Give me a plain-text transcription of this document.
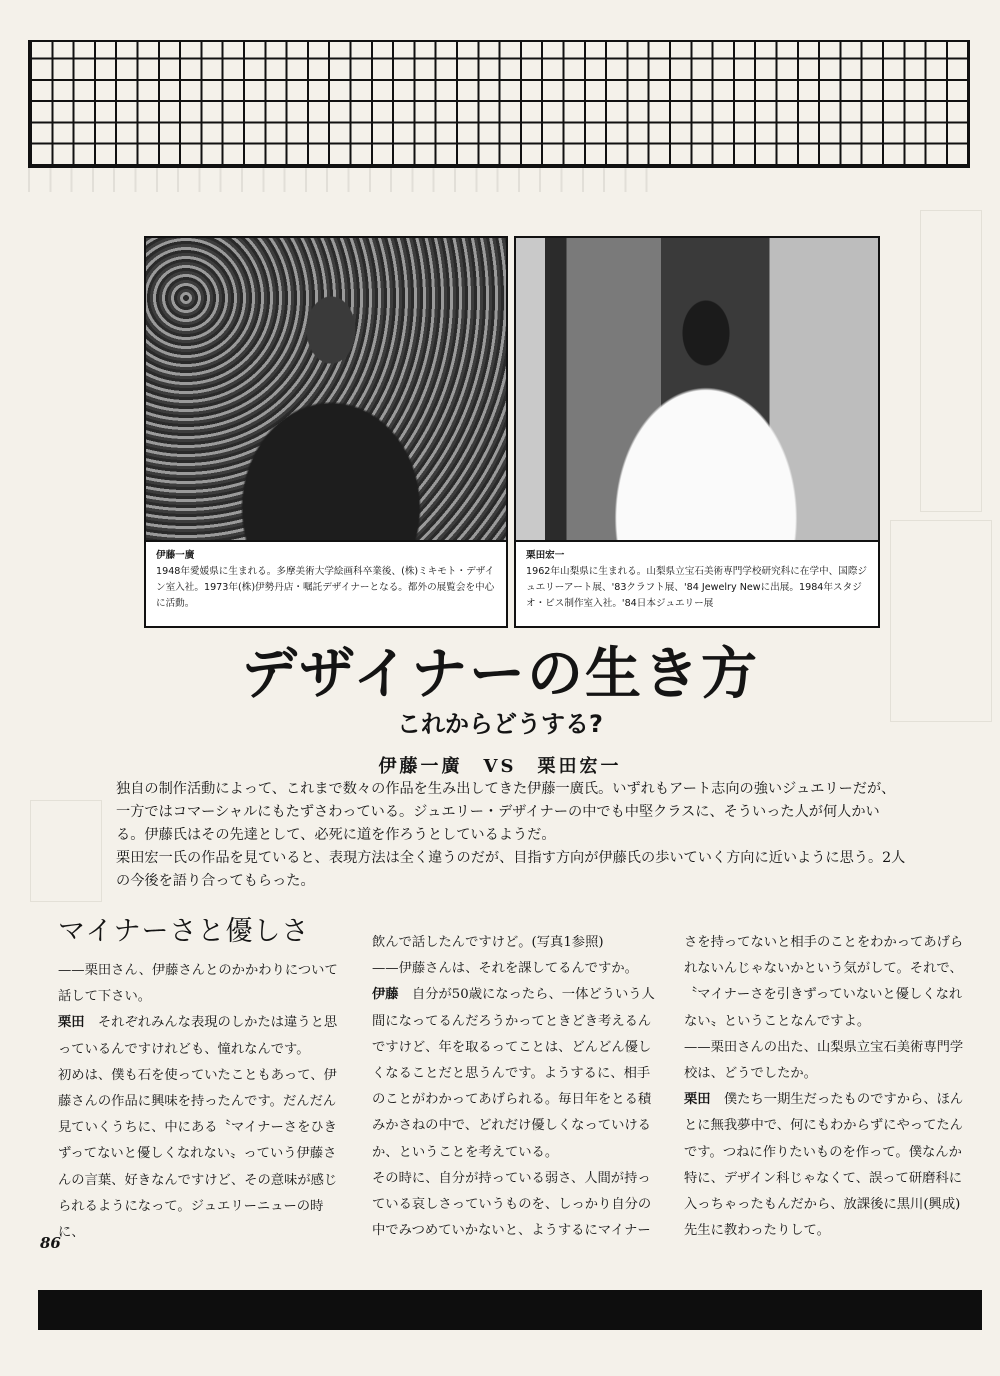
伊藤一廣
1948年愛媛県に生まれる。多摩美術大学絵画科卒業後、(株)ミキモト・デザイン室入社。1973年(株)伊勢丹店・嘱託デザイナーとなる。都外の展覧会を中心に活動。
栗田宏一
1962年山梨県に生まれる。山梨県立宝石美術専門学校研究科に在学中、国際ジュエリーアート展、'83クラフト展、'84 Jewelry Newに出展。1984年スタジオ・ビス制作室入社。'84日本ジュエリー展
デザイナーの生き方
これからどうする?
伊藤一廣　VS　栗田宏一

独自の制作活動によって、これまで数々の作品を生み出してきた伊藤一廣氏。いずれもアート志向の強いジュエリーだが、一方ではコマーシャルにもたずさわっている。ジュエリー・デザイナーの中でも中堅クラスに、そういった人が何人かいる。伊藤氏はその先達として、必死に道を作ろうとしているようだ。

栗田宏一氏の作品を見ていると、表現方法は全く違うのだが、目指す方向が伊藤氏の歩いていく方向に近いように思う。2人の今後を語り合ってもらった。

マイナーさと優しさ

——栗田さん、伊藤さんとのかかわりについて話して下さい。

栗田　それぞれみんな表現のしかたは違うと思っているんですけれども、憧れなんです。

初めは、僕も石を使っていたこともあって、伊藤さんの作品に興味を持ったんです。だんだん見ていくうちに、中にある〝マイナーさをひきずってないと優しくなれない〟っていう伊藤さんの言葉、好きなんですけど、その意味が感じられるようになって。ジュエリーニューの時に、

飲んで話したんですけど。(写真1参照)

——伊藤さんは、それを課してるんですか。

伊藤　自分が50歳になったら、一体どういう人間になってるんだろうかってときどき考えるんですけど、年を取るってことは、どんどん優しくなることだと思うんです。ようするに、相手のことがわかってあげられる。毎日年をとる積みかさねの中で、どれだけ優しくなっていけるか、ということを考えている。

その時に、自分が持っている弱さ、人間が持っている哀しさっていうものを、しっかり自分の中でみつめていかないと、ようするにマイナー

さを持ってないと相手のことをわかってあげられないんじゃないかという気がして。それで、〝マイナーさを引きずっていないと優しくなれない〟ということなんですよ。

——栗田さんの出た、山梨県立宝石美術専門学校は、どうでしたか。

栗田　僕たち一期生だったものですから、ほんとに無我夢中で、何にもわからずにやってたんです。つねに作りたいものを作って。僕なんか特に、デザイン科じゃなくて、誤って研磨科に入っちゃったもんだから、放課後に黒川(興成)先生に教わったりして。

86
